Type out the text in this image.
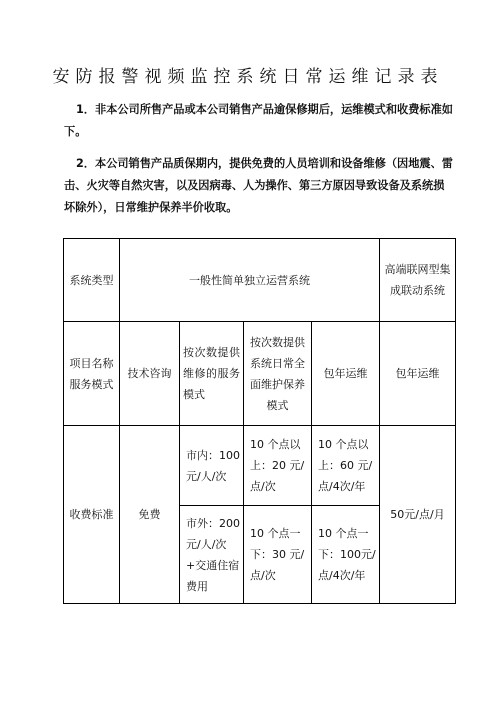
安防报警视频监控系统日常运维记录表
1．非本公司所售产品或本公司销售产品逾保修期后，运维模式和收费标准如下。
2．本公司销售产品质保期内，提供免费的人员培训和设备维修（因地震、雷击、火灾等自然灾害，以及因病毒、人为操作、第三方原因导致设备及系统损坏除外），日常维护保养半价收取。
系统类型	一般性简单独立运营系统				高端联网型集成联动系统
项目名称服务模式	技术咨询	按次数提供维修的服务模式	按次数提供系统日常全面维护保养模式	包年运维	包年运维
收费标准	免费	市内：100元/人/次	10 个点以上：20 元/点/次	10 个点以上：60 元/点/4次/年	50元/点/月
		市外：200元/人/次+交通住宿费用	10 个点一下：30 元/点/次	10 个点一下：100元/点/4次/年	
